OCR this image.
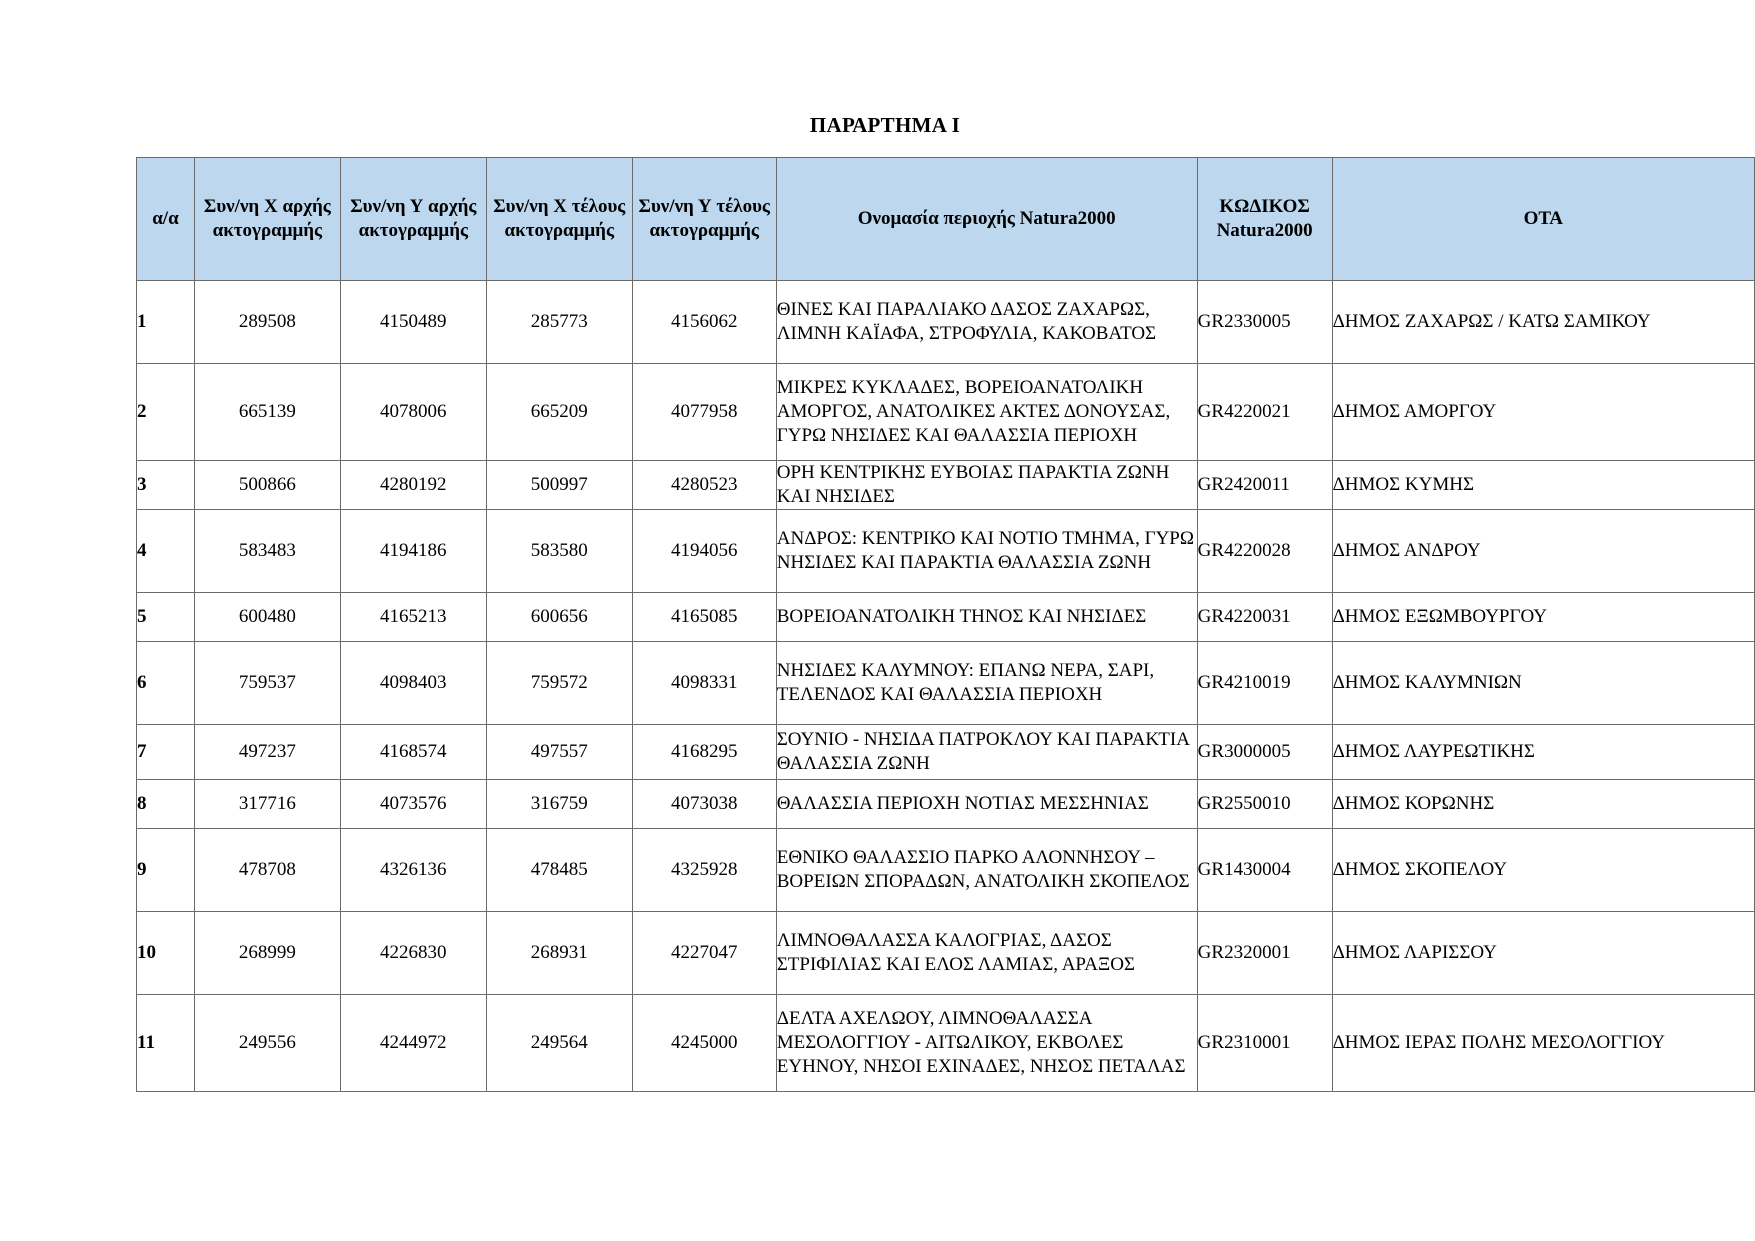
ΠΑΡΑΡΤΗΜΑ Ι
α/α	Συν/νη Χ αρχής ακτογραμμής	Συν/νη Υ αρχής ακτογραμμής	Συν/νη Χ τέλους ακτογραμμής	Συν/νη Υ τέλους ακτογραμμής	Ονομασία περιοχής Natura2000	ΚΩΔΙΚΟΣ Natura2000	ΟΤΑ
1	289508	4150489	285773	4156062	ΘΙΝΕΣ ΚΑΙ ΠΑΡΑΛΙΑΚΟ ΔΑΣΟΣ ΖΑΧΑΡΩΣ, ΛΙΜΝΗ ΚΑΪΑΦΑ, ΣΤΡΟΦΥΛΙΑ, ΚΑΚΟΒΑΤΟΣ	GR2330005	ΔΗΜΟΣ ΖΑΧΑΡΩΣ / ΚΑΤΩ ΣΑΜΙΚΟΥ
2	665139	4078006	665209	4077958	ΜΙΚΡΕΣ ΚΥΚΛΑΔΕΣ, ΒΟΡΕΙΟΑΝΑΤΟΛΙΚΗ ΑΜΟΡΓΟΣ, ΑΝΑΤΟΛΙΚΕΣ ΑΚΤΕΣ ΔΟΝΟΥΣΑΣ, ΓΥΡΩ ΝΗΣΙΔΕΣ ΚΑΙ ΘΑΛΑΣΣΙΑ ΠΕΡΙΟΧΗ	GR4220021	ΔΗΜΟΣ ΑΜΟΡΓΟΥ
3	500866	4280192	500997	4280523	ΟΡΗ ΚΕΝΤΡΙΚΗΣ ΕΥΒΟΙΑΣ ΠΑΡΑΚΤΙΑ ΖΩΝΗ ΚΑΙ ΝΗΣΙΔΕΣ	GR2420011	ΔΗΜΟΣ ΚΥΜΗΣ
4	583483	4194186	583580	4194056	ΑΝΔΡΟΣ: ΚΕΝΤΡΙΚΟ ΚΑΙ ΝΟΤΙΟ ΤΜΗΜΑ, ΓΥΡΩ ΝΗΣΙΔΕΣ ΚΑΙ ΠΑΡΑΚΤΙΑ ΘΑΛΑΣΣΙΑ ΖΩΝΗ	GR4220028	ΔΗΜΟΣ ΑΝΔΡΟΥ
5	600480	4165213	600656	4165085	ΒΟΡΕΙΟΑΝΑΤΟΛΙΚΗ ΤΗΝΟΣ ΚΑΙ ΝΗΣΙΔΕΣ	GR4220031	ΔΗΜΟΣ ΕΞΩΜΒΟΥΡΓΟΥ
6	759537	4098403	759572	4098331	ΝΗΣΙΔΕΣ ΚΑΛΥΜΝΟΥ: ΕΠΑΝΩ ΝΕΡΑ, ΣΑΡΙ, ΤΕΛΕΝΔΟΣ ΚΑΙ ΘΑΛΑΣΣΙΑ ΠΕΡΙΟΧΗ	GR4210019	ΔΗΜΟΣ ΚΑΛΥΜΝΙΩΝ
7	497237	4168574	497557	4168295	ΣΟΥΝΙΟ - ΝΗΣΙΔΑ ΠΑΤΡΟΚΛΟΥ ΚΑΙ ΠΑΡΑΚΤΙΑ ΘΑΛΑΣΣΙΑ ΖΩΝΗ	GR3000005	ΔΗΜΟΣ ΛΑΥΡΕΩΤΙΚΗΣ
8	317716	4073576	316759	4073038	ΘΑΛΑΣΣΙΑ ΠΕΡΙΟΧΗ ΝΟΤΙΑΣ ΜΕΣΣΗΝΙΑΣ	GR2550010	ΔΗΜΟΣ ΚΟΡΩΝΗΣ
9	478708	4326136	478485	4325928	ΕΘΝΙΚΟ ΘΑΛΑΣΣΙΟ ΠΑΡΚΟ ΑΛΟΝΝΗΣΟΥ – ΒΟΡΕΙΩΝ ΣΠΟΡΑΔΩΝ, ΑΝΑΤΟΛΙΚΗ ΣΚΟΠΕΛΟΣ	GR1430004	ΔΗΜΟΣ ΣΚΟΠΕΛΟΥ
10	268999	4226830	268931	4227047	ΛΙΜΝΟΘΑΛΑΣΣΑ ΚΑΛΟΓΡΙΑΣ, ΔΑΣΟΣ ΣΤΡΙΦΙΛΙΑΣ ΚΑΙ ΕΛΟΣ ΛΑΜΙΑΣ, ΑΡΑΞΟΣ	GR2320001	ΔΗΜΟΣ ΛΑΡΙΣΣΟΥ
11	249556	4244972	249564	4245000	ΔΕΛΤΑ ΑΧΕΛΩΟΥ, ΛΙΜΝΟΘΑΛΑΣΣΑ ΜΕΣΟΛΟΓΓΙΟΥ - ΑΙΤΩΛΙΚΟΥ, ΕΚΒΟΛΕΣ ΕΥΗΝΟΥ, ΝΗΣΟΙ ΕΧΙΝΑΔΕΣ, ΝΗΣΟΣ ΠΕΤΑΛΑΣ	GR2310001	ΔΗΜΟΣ ΙΕΡΑΣ ΠΟΛΗΣ ΜΕΣΟΛΟΓΓΙΟΥ
